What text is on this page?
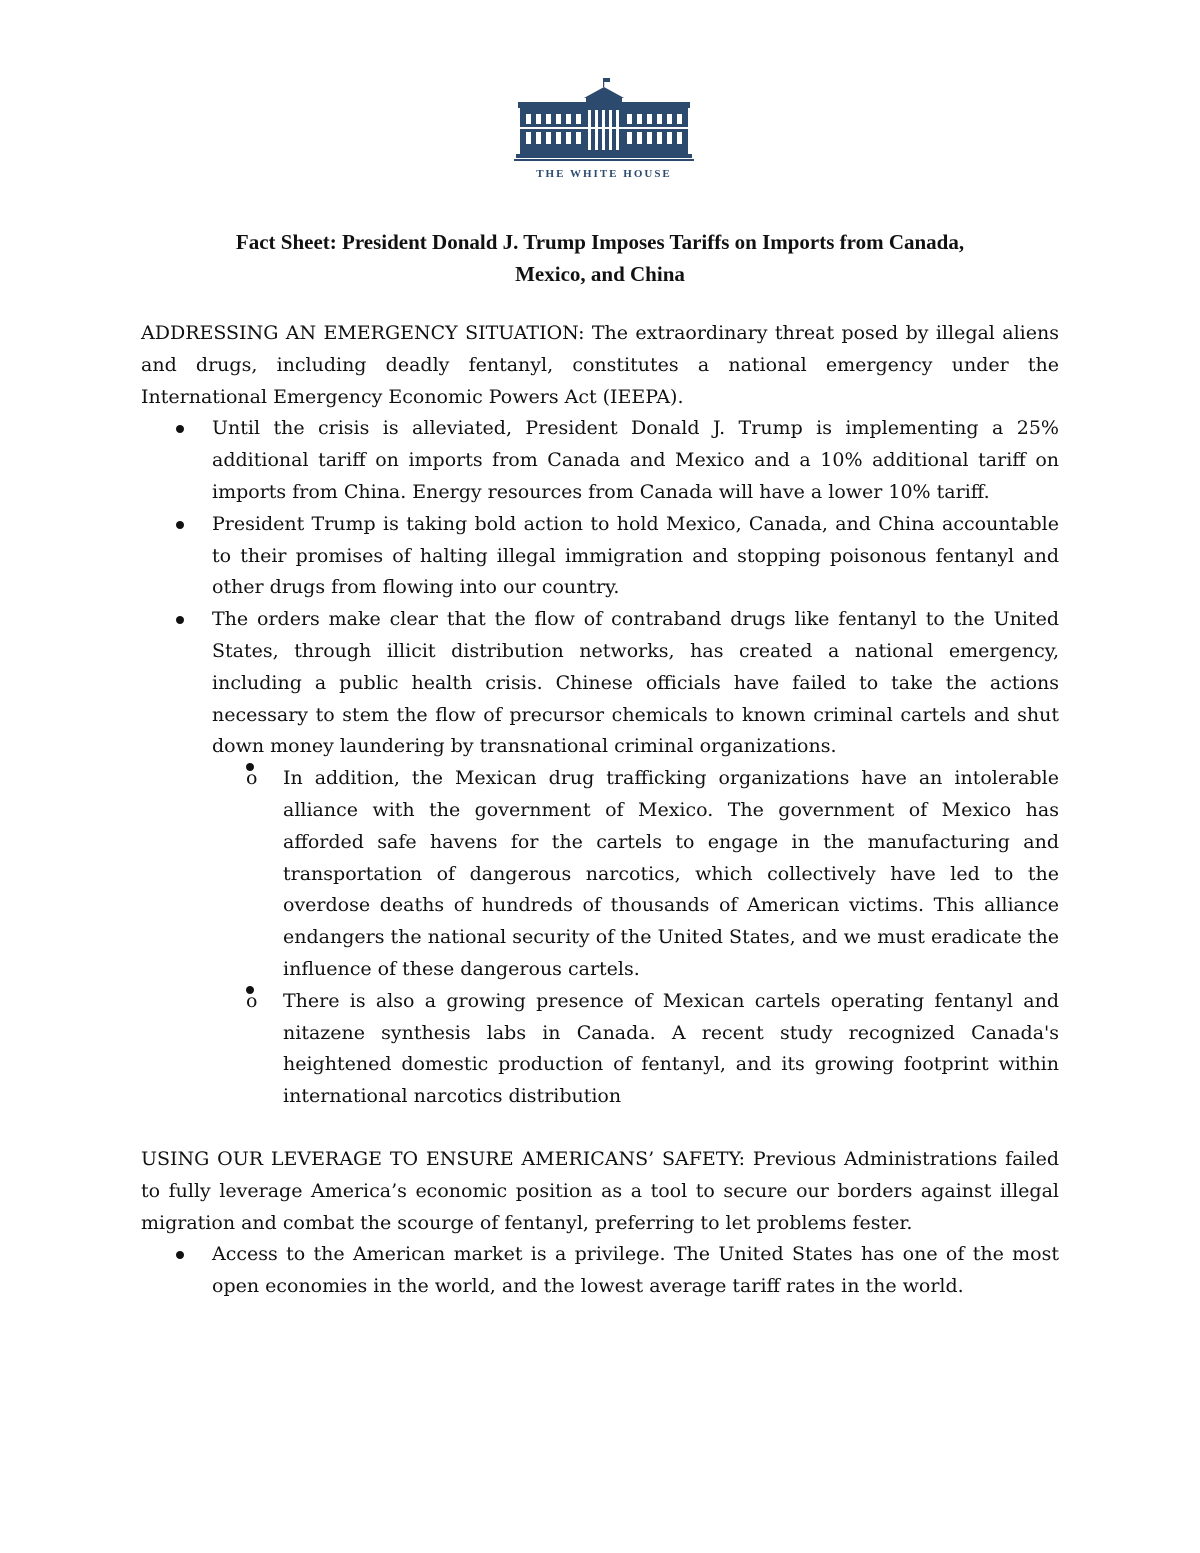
THE WHITE HOUSE
Fact Sheet: President Donald J. Trump Imposes Tariffs on Imports from Canada,
Mexico, and China

ADDRESSING AN EMERGENCY SITUATION: The extraordinary threat posed by illegal aliens and drugs, including deadly fentanyl, constitutes a national emergency under the International Emergency Economic Powers Act (IEEPA).

Until the crisis is alleviated, President Donald J. Trump is implementing a 25% additional tariff on imports from Canada and Mexico and a 10% additional tariff on imports from China. Energy resources from Canada will have a lower 10% tariff.
President Trump is taking bold action to hold Mexico, Canada, and China accountable to their promises of halting illegal immigration and stopping poisonous fentanyl and other drugs from flowing into our country.
The orders make clear that the flow of contraband drugs like fentanyl to the United States, through illicit distribution networks, has created a national emergency, including a public health crisis. Chinese officials have failed to take the actions necessary to stem the flow of precursor chemicals to known criminal cartels and shut down money laundering by transnational criminal organizations.
o In addition, the Mexican drug trafficking organizations have an intolerable alliance with the government of Mexico. The government of Mexico has afforded safe havens for the cartels to engage in the manufacturing and transportation of dangerous narcotics, which collectively have led to the overdose deaths of hundreds of thousands of American victims. This alliance endangers the national security of the United States, and we must eradicate the influence of these dangerous cartels.
o There is also a growing presence of Mexican cartels operating fentanyl and nitazene synthesis labs in Canada. A recent study recognized Canada's heightened domestic production of fentanyl, and its growing footprint within international narcotics distribution

USING OUR LEVERAGE TO ENSURE AMERICANS’ SAFETY: Previous Administrations failed to fully leverage America’s economic position as a tool to secure our borders against illegal migration and combat the scourge of fentanyl, preferring to let problems fester.

Access to the American market is a privilege. The United States has one of the most open economies in the world, and the lowest average tariff rates in the world.
